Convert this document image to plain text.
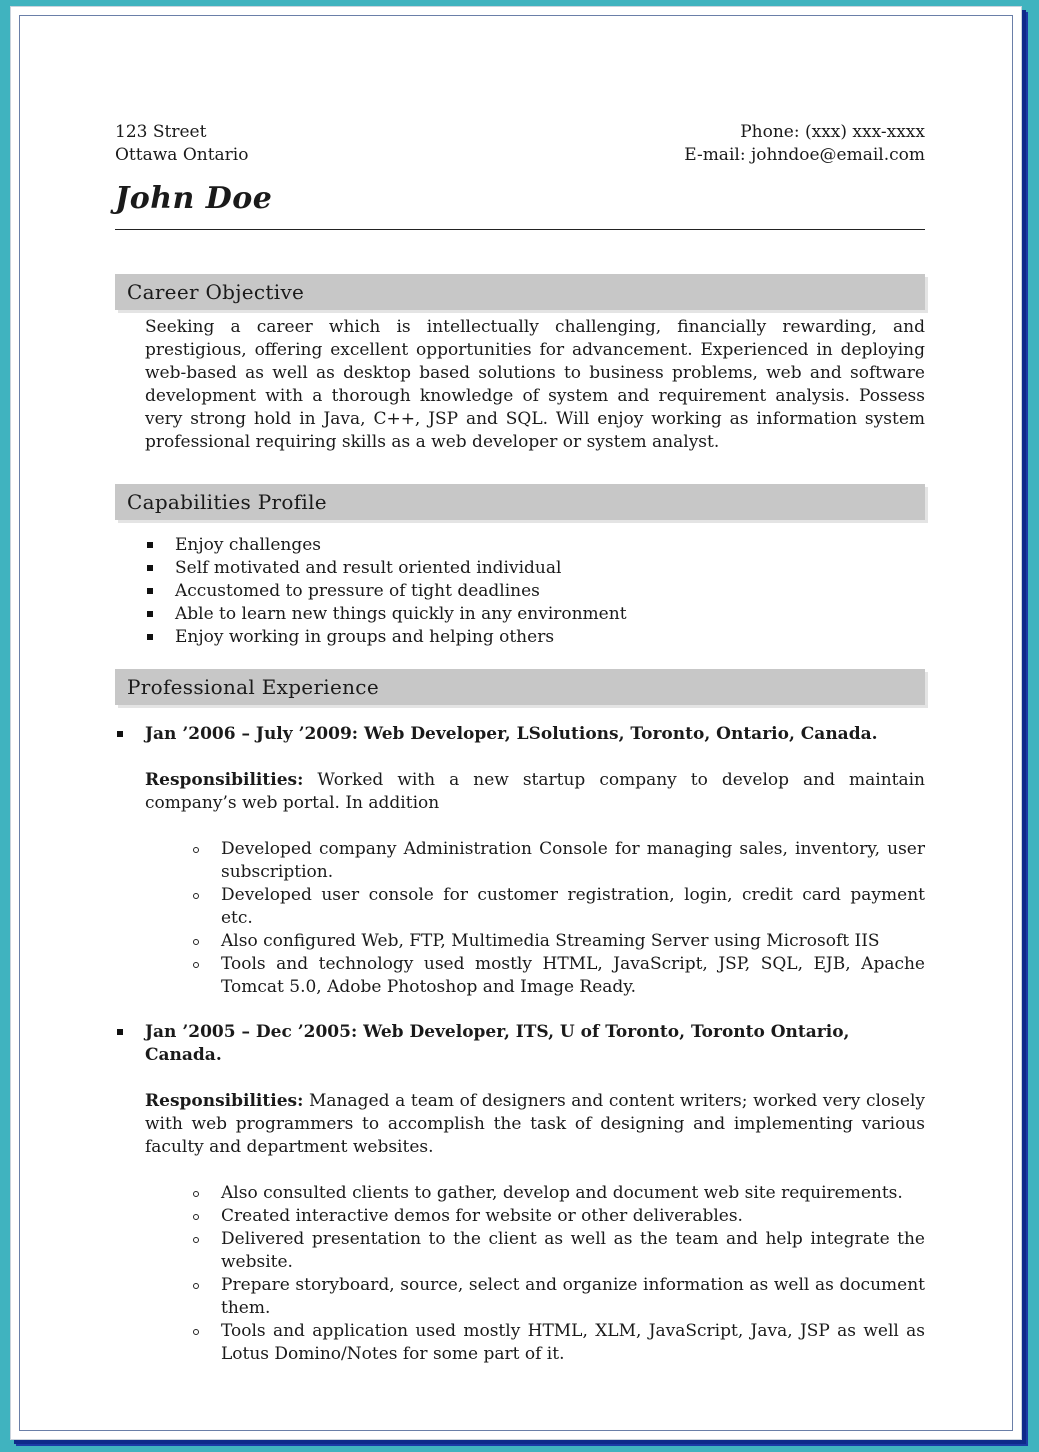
123 Street
Ottawa Ontario
Phone: (xxx) xxx-xxxx
E-mail: johndoe@email.com
John Doe
Career Objective
Seeking a career which is intellectually challenging, financially rewarding, and prestigious, offering excellent opportunities for advancement. Experienced in deploying web-based as well as desktop based solutions to business problems, web and software development with a thorough knowledge of system and requirement analysis. Possess very strong hold in Java, C++, JSP and SQL. Will enjoy working as information system professional requiring skills as a web developer or system analyst.
Capabilities Profile
Enjoy challenges
Self motivated and result oriented individual
Accustomed to pressure of tight deadlines
Able to learn new things quickly in any environment
Enjoy working in groups and helping others
Professional Experience
Jan ’2006 – July ’2009: Web Developer, LSolutions, Toronto, Ontario, Canada.
Responsibilities: Worked with a new startup company to develop and maintain company’s web portal. In addition
Developed company Administration Console for managing sales, inventory, user subscription.
Developed user console for customer registration, login, credit card payment etc.
Also configured Web, FTP, Multimedia Streaming Server using Microsoft IIS
Tools and technology used mostly HTML, JavaScript, JSP, SQL, EJB, Apache Tomcat 5.0, Adobe Photoshop and Image Ready.
Jan ’2005 – Dec ’2005: Web Developer, ITS, U of Toronto, Toronto Ontario, Canada.
Responsibilities: Managed a team of designers and content writers; worked very closely with web programmers to accomplish the task of designing and implementing various faculty and department websites.
Also consulted clients to gather, develop and document web site requirements.
Created interactive demos for website or other deliverables.
Delivered presentation to the client as well as the team and help integrate the website.
Prepare storyboard, source, select and organize information as well as document them.
Tools and application used mostly HTML, XLM, JavaScript, Java, JSP as well as Lotus Domino/Notes for some part of it.
